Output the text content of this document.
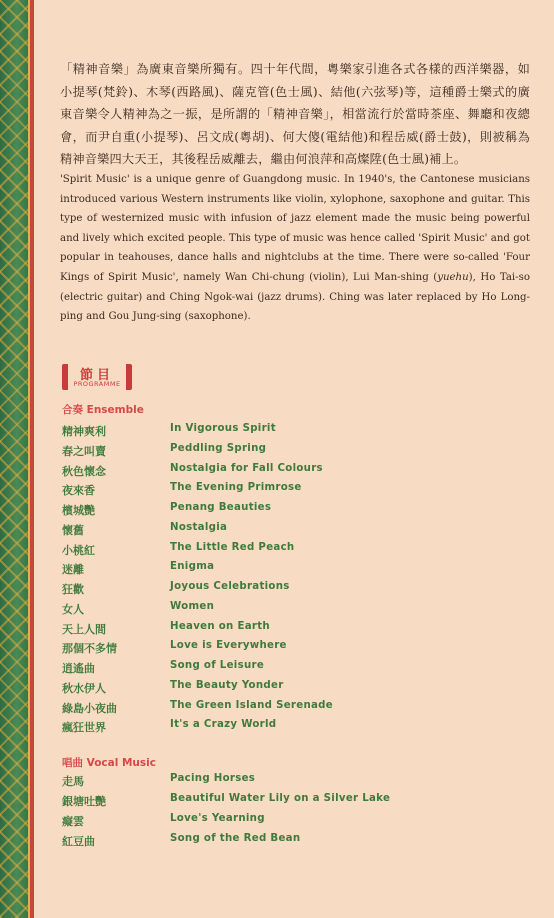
「精神音樂」為廣東音樂所獨有。四十年代間，粵樂家引進各式各樣的西洋樂器，如小提琴(梵鈴)、木琴(西路風)、薩克管(色士風)、結他(六弦琴)等，這種爵士樂式的廣東音樂令人精神為之一振，是所謂的「精神音樂」，相當流行於當時茶座、舞廳和夜總會，而尹自重(小提琴)、呂文成(粵胡)、何大傻(電結他)和程岳威(爵士鼓)，則被稱為精神音樂四大天王，其後程岳威離去，繼由何浪萍和高燦陞(色士風)補上。
'Spirit Music' is a unique genre of Guangdong music. In 1940's, the Cantonese musicians introduced various Western instruments like violin, xylophone, saxophone and guitar. This type of westernized music with infusion of jazz element made the music being powerful and lively which excited people. This type of music was hence called 'Spirit Music' and got popular in teahouses, dance halls and nightclubs at the time. There were so-called 'Four Kings of Spirit Music', namely Wan Chi-chung (violin), Lui Man-shing (yuehu), Ho Tai-so (electric guitar) and Ching Ngok-wai (jazz drums). Ching was later replaced by Ho Long-ping and Gou Jung-sing (saxophone).
節目
PROGRAMME
合奏 Ensemble
精神爽利	In Vigorous Spirit
春之叫賣	Peddling Spring
秋色懷念	Nostalgia for Fall Colours
夜來香	The Evening Primrose
檳城艷	Penang Beauties
懷舊	Nostalgia
小桃紅	The Little Red Peach
迷離	Enigma
狂歡	Joyous Celebrations
女人	Women
天上人間	Heaven on Earth
那個不多情	Love is Everywhere
逍遙曲	Song of Leisure
秋水伊人	The Beauty Yonder
綠島小夜曲	The Green Island Serenade
瘋狂世界	It's a Crazy World
唱曲 Vocal Music
走馬	Pacing Horses
銀塘吐艷	Beautiful Water Lily on a Silver Lake
癡雲	Love's Yearning
紅豆曲	Song of the Red Bean
